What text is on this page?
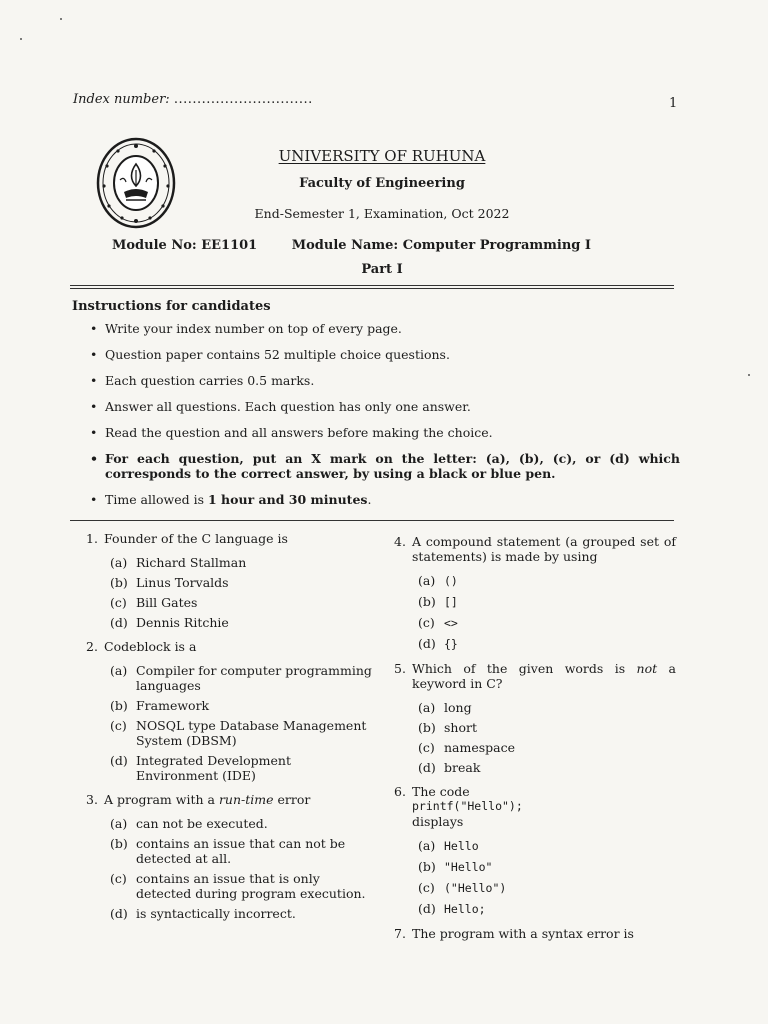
Index number: ..............................	1
UNIVERSITY OF RUHUNA
Faculty of Engineering
End-Semester 1, Examination, Oct 2022
Module No: EE1101	Module Name: Computer Programming I
Part I
Instructions for candidates
• Write your index number on top of every page.
• Question paper contains 52 multiple choice questions.
• Each question carries 0.5 marks.
• Answer all questions. Each question has only one answer.
• Read the question and all answers before making the choice.
• For each question, put an X mark on the letter: (a), (b), (c), or (d) which corresponds to the correct answer, by using a black or blue pen.
• Time allowed is 1 hour and 30 minutes.
1. Founder of the C language is
(a) Richard Stallman
(b) Linus Torvalds
(c) Bill Gates
(d) Dennis Ritchie
2. Codeblock is a
(a) Compiler for computer programming languages
(b) Framework
(c) NOSQL type Database Management System (DBSM)
(d) Integrated Development Environment (IDE)
3. A program with a run-time error
(a) can not be executed.
(b) contains an issue that can not be detected at all.
(c) contains an issue that is only detected during program execution.
(d) is syntactically incorrect.
4. A compound statement (a grouped set of statements) is made by using
(a) ()
(b) []
(c) <>
(d) {}
5. Which of the given words is not a keyword in C?
(a) long
(b) short
(c) namespace
(d) break
6. The code
printf("Hello");
displays
(a) Hello
(b) "Hello"
(c) ("Hello")
(d) Hello;
7. The program with a syntax error is
